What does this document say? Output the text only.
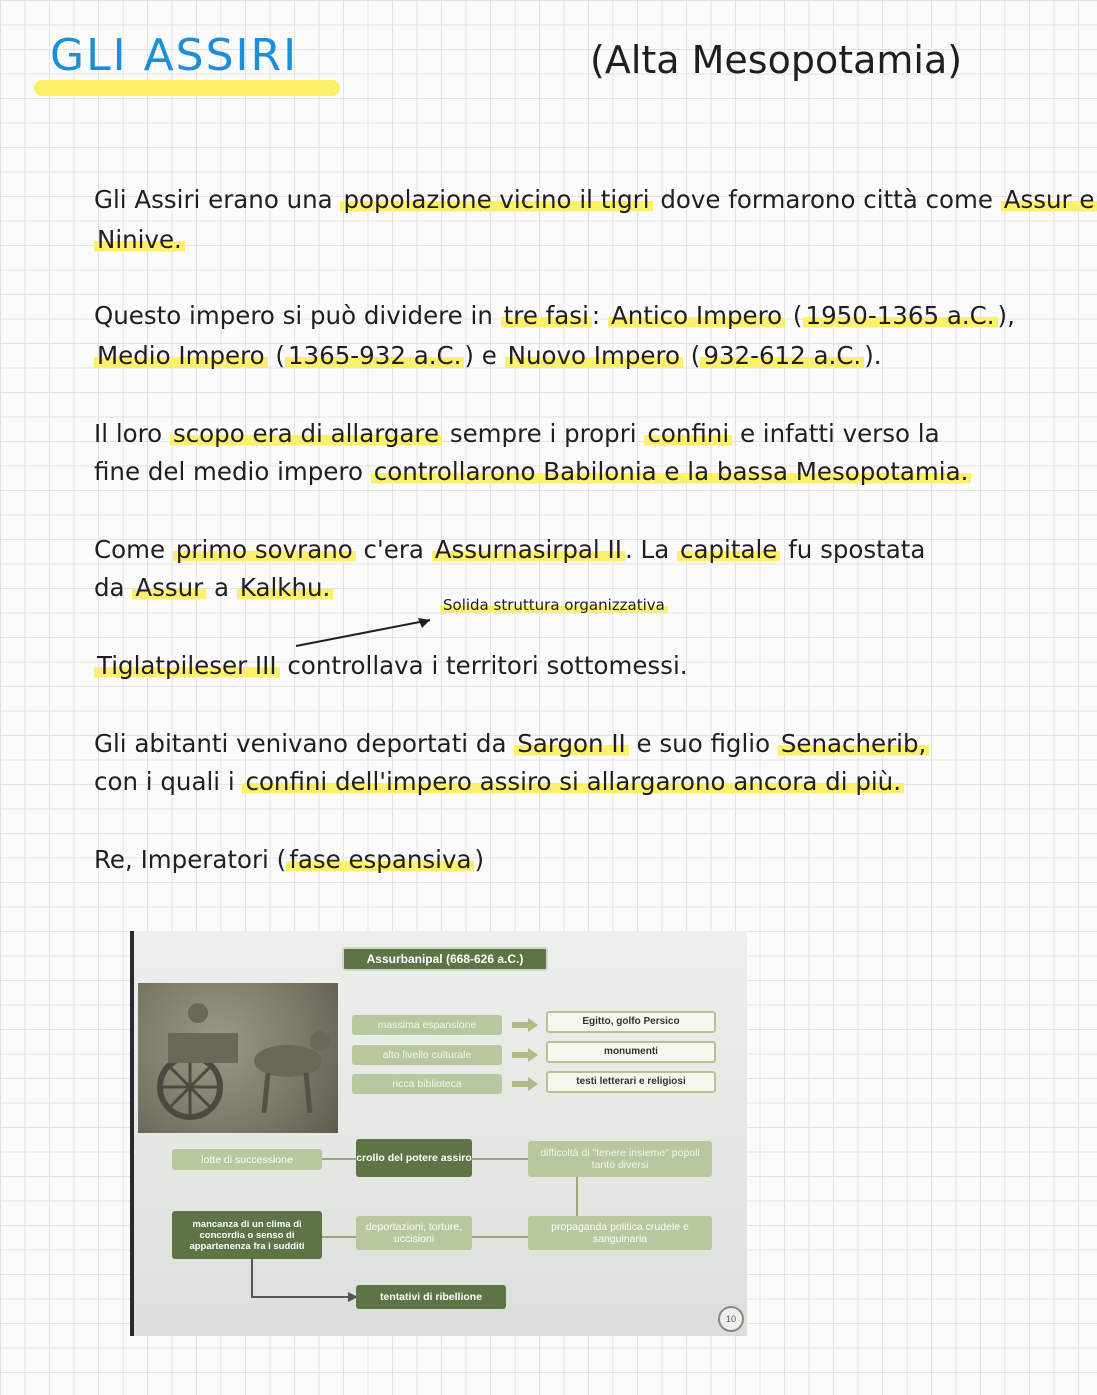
GLI ASSIRI	(Alta Mesopotamia)
Gli Assiri erano una popolazione vicino il tigri dove formarono città come Assur e
Ninive.
Questo impero si può dividere in tre fasi : Antico Impero ( 1950-1365 a.C. ),
Medio Impero ( 1365-932 a.C. ) e Nuovo Impero ( 932-612 a.C. ).
Il loro scopo era di allargare sempre i propri confini e infatti verso la
fine del medio impero controllarono Babilonia e la bassa Mesopotamia.
Come primo sovrano c'era Assurnasirpal II . La capitale fu spostata
da Assur a Kalkhu.
Solida struttura organizzativa
Tiglatpileser III controllava i territori sottomessi.
Gli abitanti venivano deportati da Sargon II e suo figlio Senacherib,
con i quali i confini dell'impero assiro si allargarono ancora di più.
Re, Imperatori ( fase espansiva )
Assurbanipal (668-626 a.C.)
massima espansione
alto livello culturale
ricca biblioteca
Egitto, golfo Persico
monumenti
testi letterari e religiosi
lotte di successione	crollo del potere assiro	difficoltà di "tenere insieme" popoli tanto diversi
mancanza di un clima di concordia o senso di appartenenza fra i sudditi
deportazioni, torture, uccisioni
propaganda politica crudele e sanguinaria
tentativi di ribellione
10
